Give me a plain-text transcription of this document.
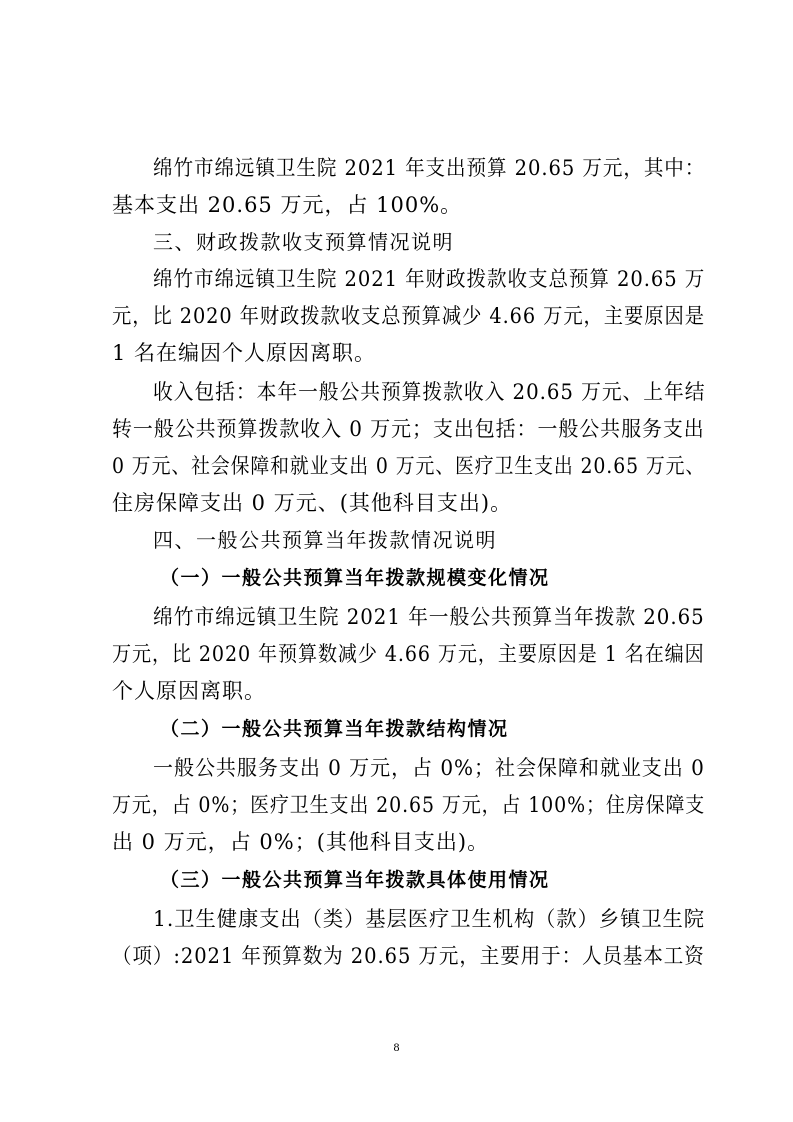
绵竹市绵远镇卫生院 2021 年支出预算 20.65 万元，其中：
基本支出 20.65 万元，占 100%。
三、财政拨款收支预算情况说明
绵竹市绵远镇卫生院 2021 年财政拨款收支总预算 20.65 万
元，比 2020 年财政拨款收支总预算减少 4.66 万元，主要原因是
1 名在编因个人原因离职。
收入包括：本年一般公共预算拨款收入 20.65 万元、上年结
转一般公共预算拨款收入 0 万元；支出包括：一般公共服务支出
0 万元、社会保障和就业支出 0 万元、医疗卫生支出 20.65 万元、
住房保障支出 0 万元、(其他科目支出)。
四、一般公共预算当年拨款情况说明
（一）一般公共预算当年拨款规模变化情况
绵竹市绵远镇卫生院 2021 年一般公共预算当年拨款 20.65
万元，比 2020 年预算数减少 4.66 万元，主要原因是 1 名在编因
个人原因离职。
（二）一般公共预算当年拨款结构情况
一般公共服务支出 0 万元，占 0%；社会保障和就业支出 0
万元，占 0%；医疗卫生支出 20.65 万元，占 100%；住房保障支
出 0 万元，占 0%；(其他科目支出)。
（三）一般公共预算当年拨款具体使用情况
1.卫生健康支出（类）基层医疗卫生机构（款）乡镇卫生院
（项）:2021 年预算数为 20.65 万元，主要用于：人员基本工资
8
